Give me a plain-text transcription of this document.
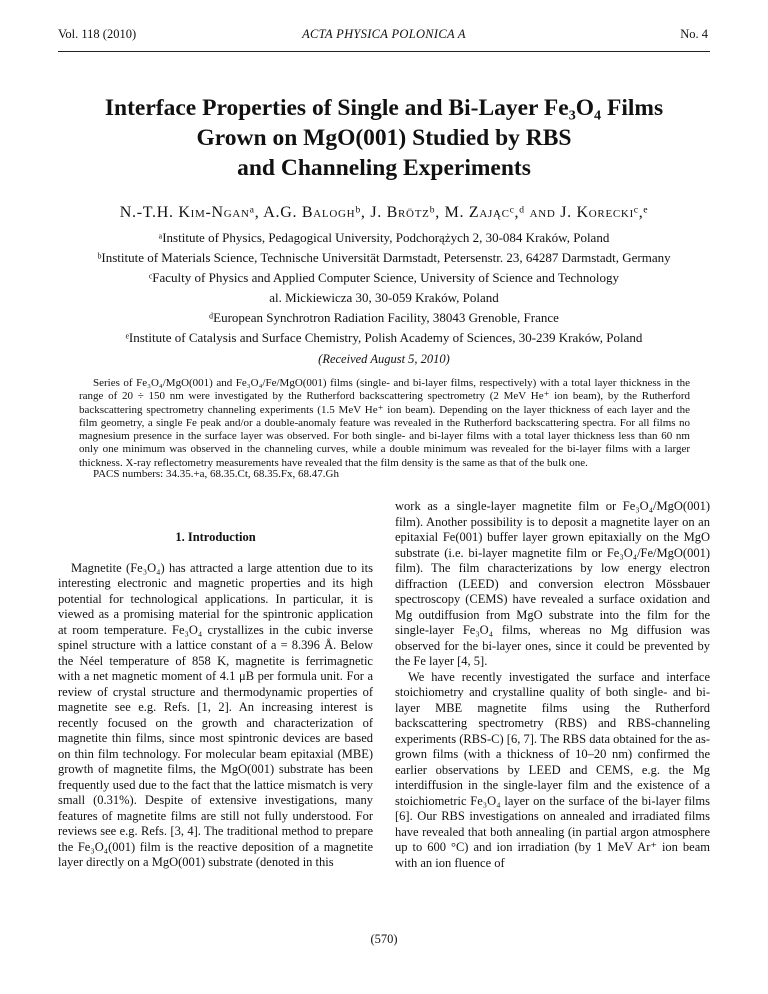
Vol. 118 (2010)	ACTA PHYSICA POLONICA A	No. 4
Interface Properties of Single and Bi-Layer Fe₃O₄ Films
Grown on MgO(001) Studied by RBS
and Channeling Experiments
N.-T.H. Kim-Nganᵃ, A.G. Baloghᵇ, J. Brötzᵇ, M. Zającᶜ,ᵈ and J. Koreckiᶜ,ᵉ
ᵃInstitute of Physics, Pedagogical University, Podchorążych 2, 30-084 Kraków, Poland
ᵇInstitute of Materials Science, Technische Universität Darmstadt, Petersenstr. 23, 64287 Darmstadt, Germany
ᶜFaculty of Physics and Applied Computer Science, University of Science and Technology
al. Mickiewicza 30, 30-059 Kraków, Poland
ᵈEuropean Synchrotron Radiation Facility, 38043 Grenoble, France
ᵉInstitute of Catalysis and Surface Chemistry, Polish Academy of Sciences, 30-239 Kraków, Poland
(Received August 5, 2010)
Series of Fe₃O₄/MgO(001) and Fe₃O₄/Fe/MgO(001) films (single- and bi-layer films, respectively) with a total layer thickness in the range of 20 ÷ 150 nm were investigated by the Rutherford backscattering spectrometry (2 MeV He⁺ ion beam), by the Rutherford backscattering spectrometry channeling experiments (1.5 MeV He⁺ ion beam). Depending on the layer thickness of each layer and the film geometry, a single Fe peak and/or a double-anomaly feature was revealed in the Rutherford backscattering spectra. For all films no magnesium presence in the surface layer was observed. For both single- and bi-layer films with a total layer thickness less than 60 nm only one minimum was observed in the channeling curves, while a double minimum was revealed for the bi-layer films with a larger thickness. X-ray reflectometry measurements have revealed that the film density is the same as that of the bulk one.
PACS numbers: 34.35.+a, 68.35.Ct, 68.35.Fx, 68.47.Gh
1. Introduction

Magnetite (Fe₃O₄) has attracted a large attention due to its interesting electronic and magnetic properties and its high potential for technological applications. In particular, it is viewed as a promising material for the spintronic application at room temperature. Fe₃O₄ crystallizes in the cubic inverse spinel structure with a lattice constant of a = 8.396 Å. Below the Néel temperature of 858 K, magnetite is ferrimagnetic with a net magnetic moment of 4.1 μB per formula unit. For a review of crystal structure and thermodynamic properties of magnetite see e.g. Refs. [1, 2]. An increasing interest is recently focused on the growth and characterization of magnetite thin films, since most spintronic devices are based on thin film technology. For molecular beam epitaxial (MBE) growth of magnetite films, the MgO(001) substrate has been frequently used due to the fact that the lattice mismatch is very small (0.31%). Despite of extensive investigations, many features of magnetite films are still not fully understood. For reviews see e.g. Refs. [3, 4]. The traditional method to prepare the Fe₃O₄(001) film is the reactive deposition of a magnetite layer directly on a MgO(001) substrate (denoted in this

work as a single-layer magnetite film or Fe₃O₄/MgO(001) film). Another possibility is to deposit a magnetite layer on an epitaxial Fe(001) buffer layer grown epitaxially on the MgO substrate (i.e. bi-layer magnetite film or Fe₃O₄/Fe/MgO(001) film). The film characterizations by low energy electron diffraction (LEED) and conversion electron Mössbauer spectroscopy (CEMS) have revealed a surface oxidation and Mg outdiffusion from MgO substrate into the film for the single-layer Fe₃O₄ films, whereas no Mg diffusion was observed for the bi-layer ones, since it could be prevented by the Fe layer [4, 5].

We have recently investigated the surface and interface stoichiometry and crystalline quality of both single- and bi-layer MBE magnetite films using the Rutherford backscattering spectrometry (RBS) and RBS-channeling experiments (RBS-C) [6, 7]. The RBS data obtained for the as-grown films (with a thickness of 10–20 nm) confirmed the earlier observations by LEED and CEMS, e.g. the Mg interdiffusion in the single-layer film and the existence of a stoichiometric Fe₃O₄ layer on the surface of the bi-layer films [6]. Our RBS investigations on annealed and irradiated films have revealed that both annealing (in partial argon atmosphere up to 600 °C) and ion irradiation (by 1 MeV Ar⁺ ion beam with an ion fluence of

(570)
